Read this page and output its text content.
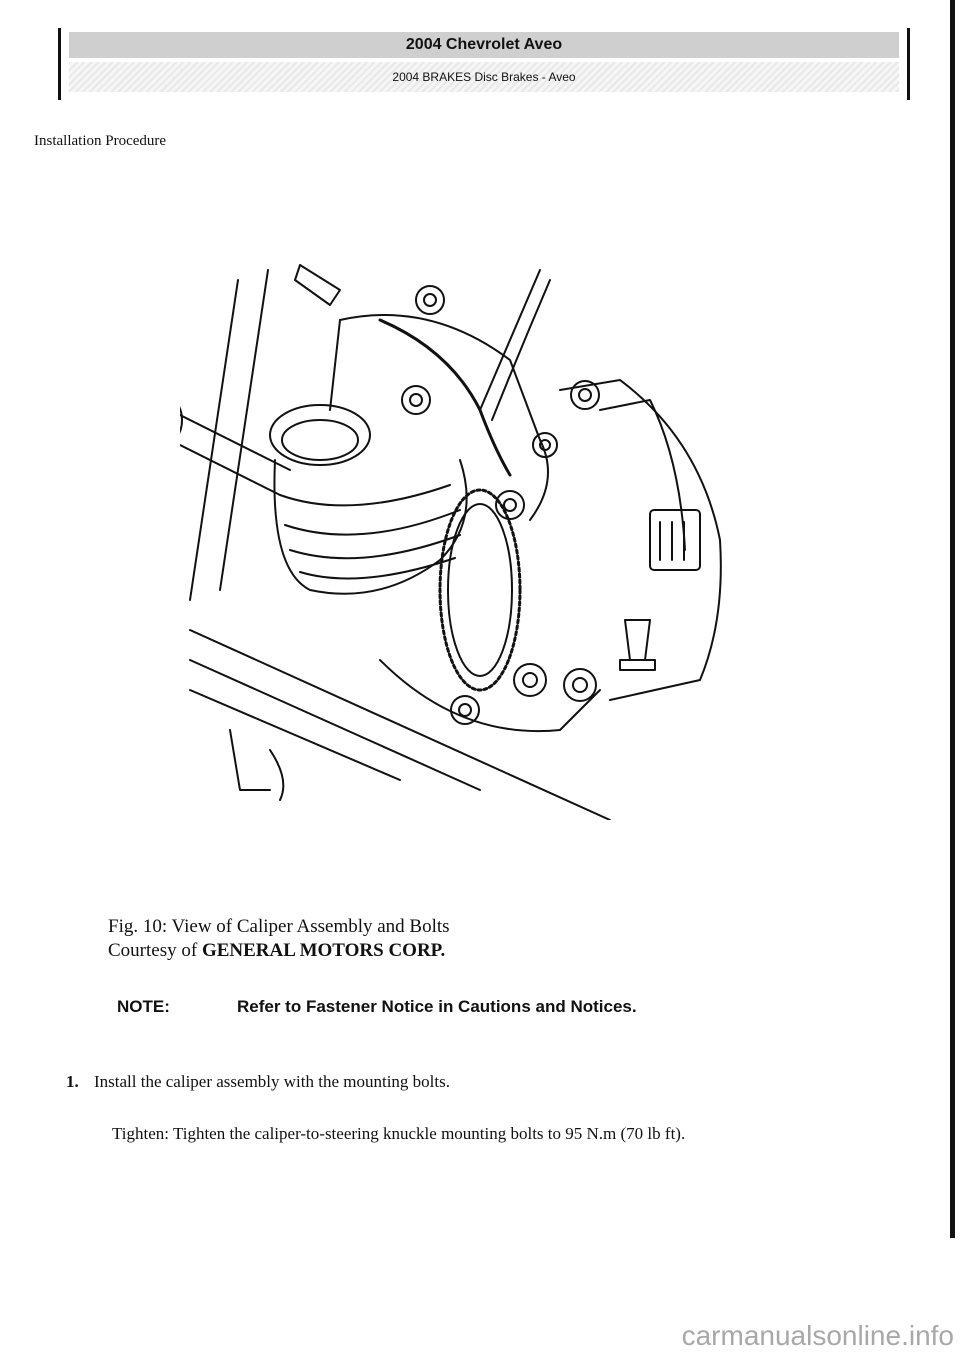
2004 Chevrolet Aveo
2004 BRAKES Disc Brakes - Aveo
Installation Procedure
Fig. 10: View of Caliper Assembly and Bolts
Courtesy of GENERAL MOTORS CORP.
NOTE:	Refer to Fastener Notice in Cautions and Notices.
1. Install the caliper assembly with the mounting bolts.
Tighten: Tighten the caliper-to-steering knuckle mounting bolts to 95 N.m (70 lb ft).
carmanualsonline.info
